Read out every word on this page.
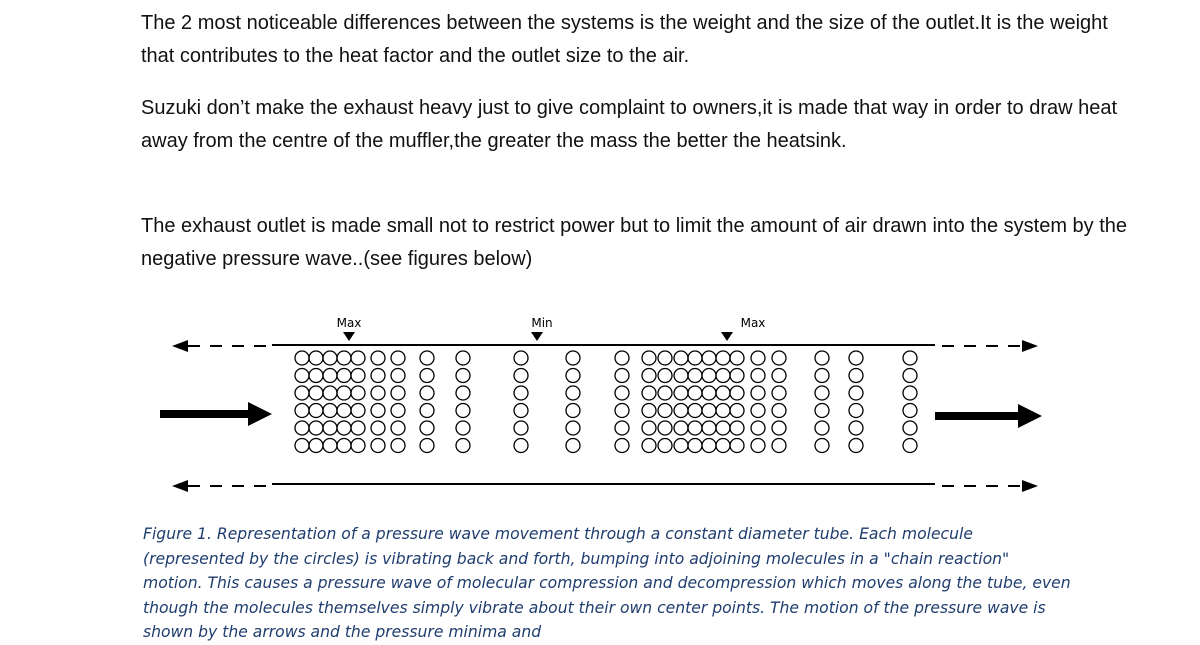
The 2 most noticeable differences between the systems is the weight and the size of the outlet.It is the weight that contributes to the heat factor and the outlet size to the air.
Suzuki don’t make the exhaust heavy just to give complaint to owners,it is made that way in order to draw heat away from the centre of the muffler,the greater the mass the better the heatsink.
The exhaust outlet is made small not to restrict power but to limit the amount of air drawn into the system by the negative pressure wave..(see figures below)
Max	Min	Max
Figure 1. Representation of a pressure wave movement through a constant diameter tube. Each molecule (represented by the circles) is vibrating back and forth, bumping into adjoining molecules in a "chain reaction" motion. This causes a pressure wave of molecular compression and decompression which moves along the tube, even though the molecules themselves simply vibrate about their own center points. The motion of the pressure wave is shown by the arrows and the pressure minima and
